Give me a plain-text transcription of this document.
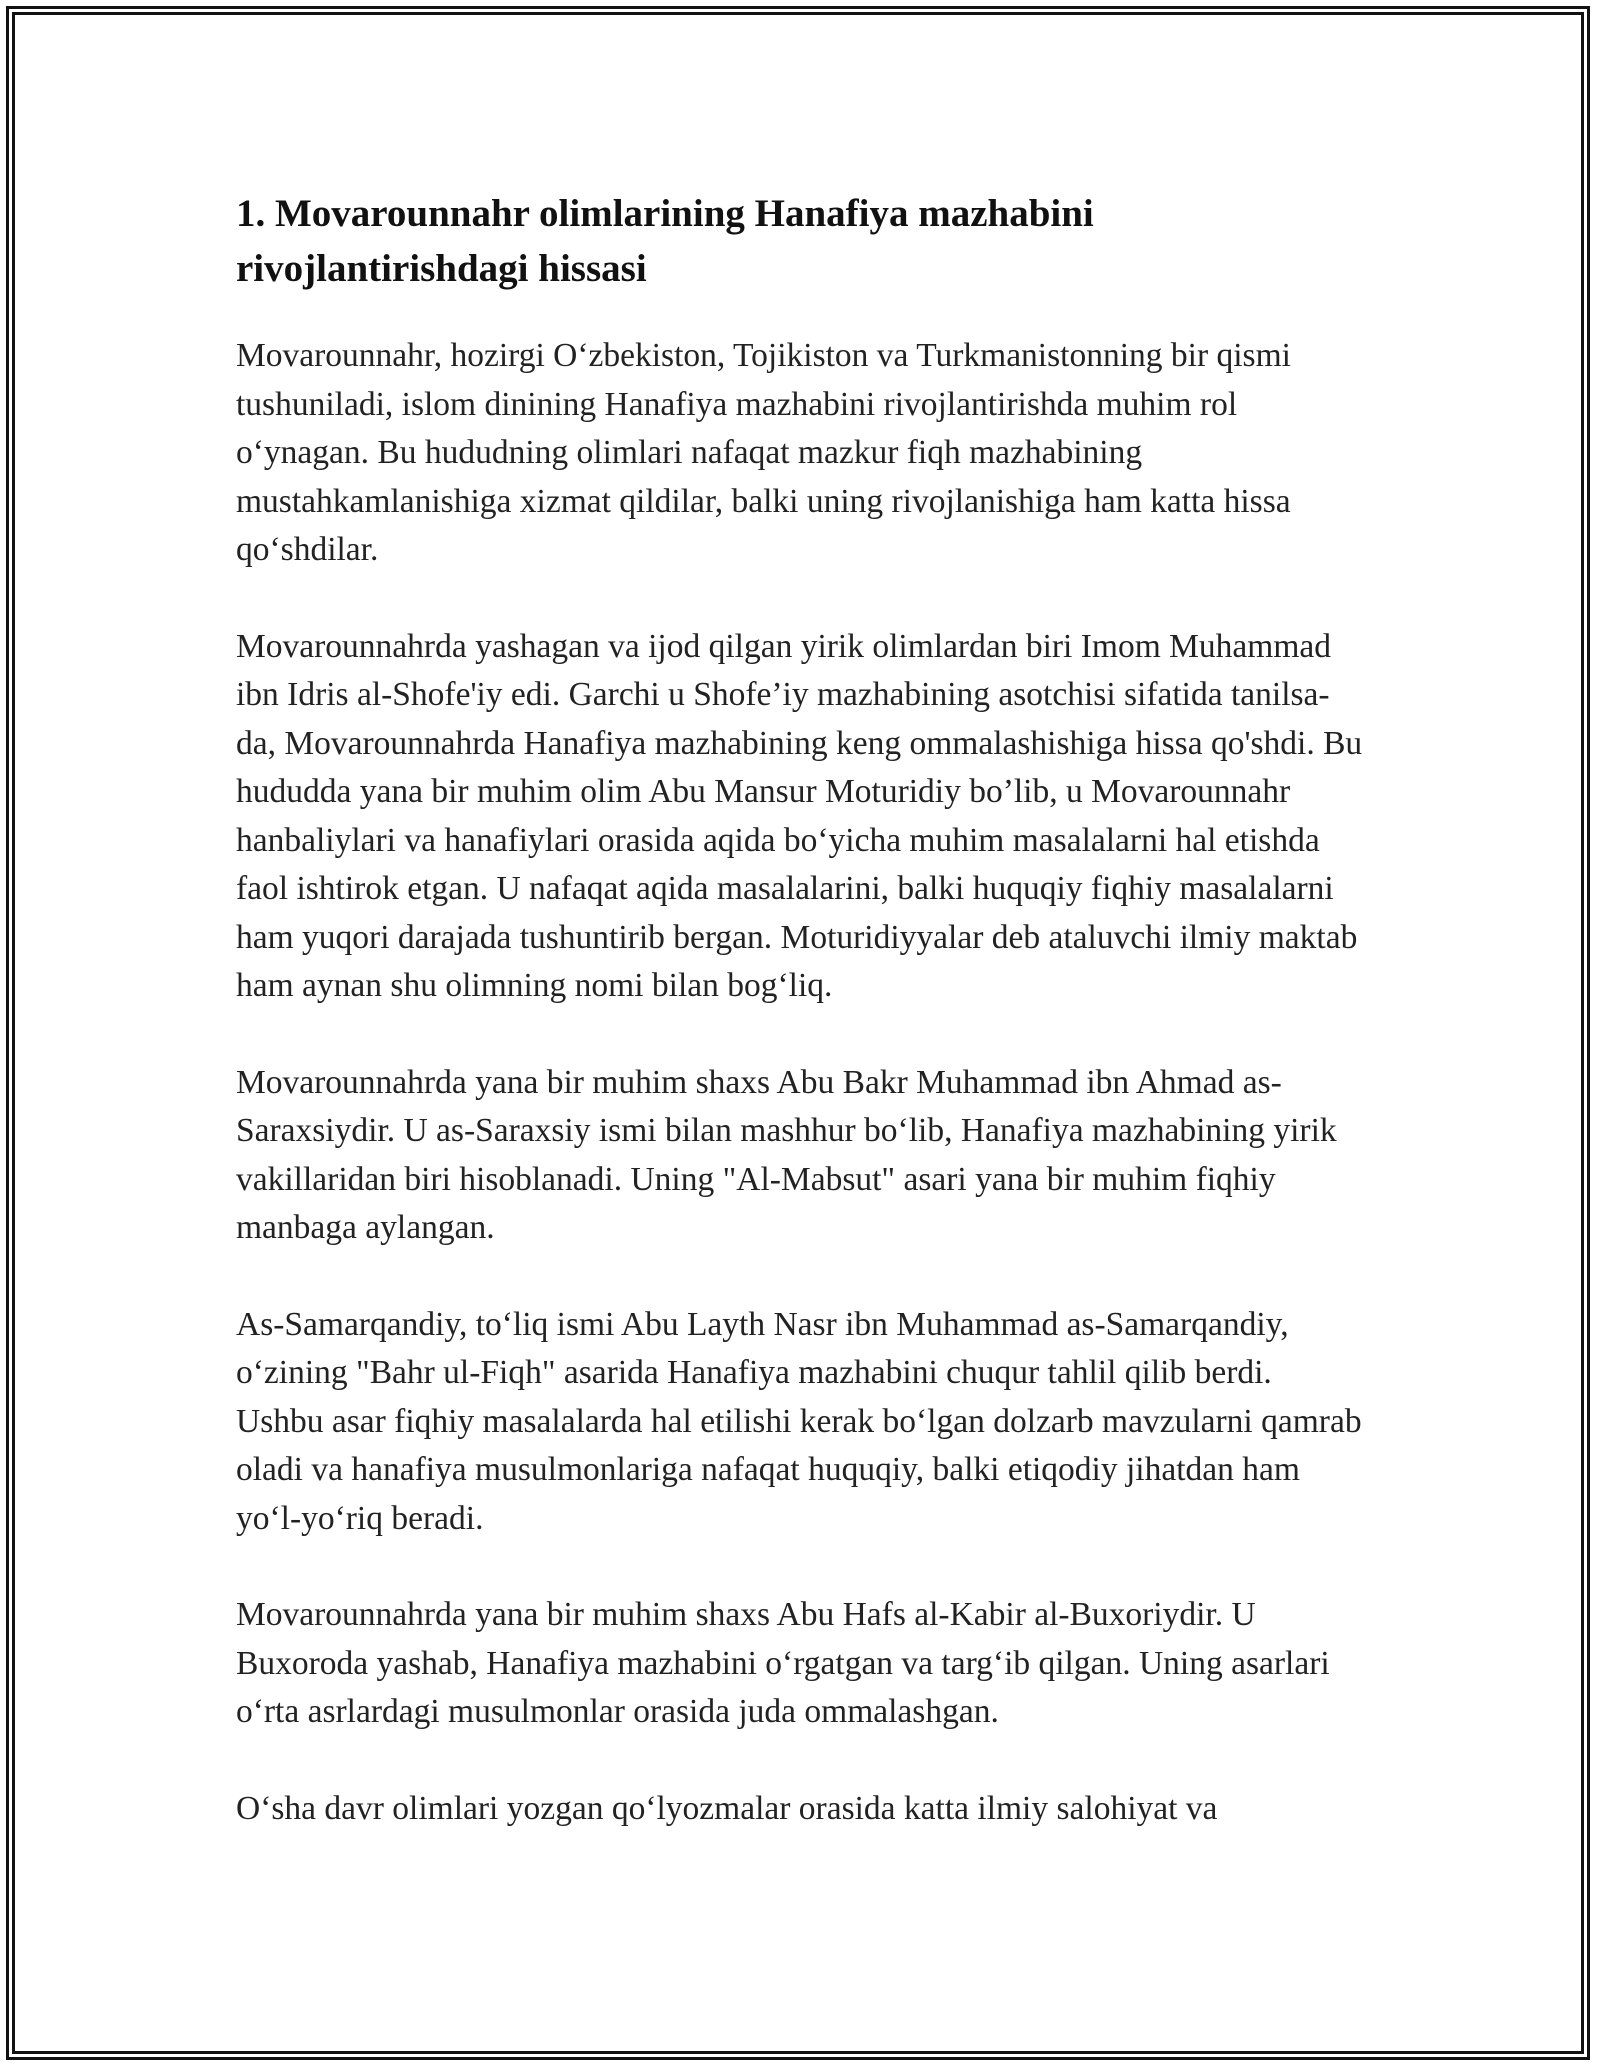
1. Movarounnahr olimlarining Hanafiya mazhabini rivojlantirishdagi hissasi

Movarounnahr, hozirgi O‘zbekiston, Tojikiston va Turkmanistonning bir qismi tushuniladi, islom dinining Hanafiya mazhabini rivojlantirishda muhim rol o‘ynagan. Bu hududning olimlari nafaqat mazkur fiqh mazhabining mustahkamlanishiga xizmat qildilar, balki uning rivojlanishiga ham katta hissa qo‘shdilar.

Movarounnahrda yashagan va ijod qilgan yirik olimlardan biri Imom Muhammad ibn Idris al-Shofe'iy edi. Garchi u Shofe’iy mazhabining asotchisi sifatida tanilsa-da, Movarounnahrda Hanafiya mazhabining keng ommalashishiga hissa qo'shdi. Bu hududda yana bir muhim olim Abu Mansur Moturidiy bo’lib, u Movarounnahr hanbaliylari va hanafiylari orasida aqida bo‘yicha muhim masalalarni hal etishda faol ishtirok etgan. U nafaqat aqida masalalarini, balki huquqiy fiqhiy masalalarni ham yuqori darajada tushuntirib bergan. Moturidiyyalar deb ataluvchi ilmiy maktab ham aynan shu olimning nomi bilan bog‘liq.

Movarounnahrda yana bir muhim shaxs Abu Bakr Muhammad ibn Ahmad as-Saraxsiydir. U as-Saraxsiy ismi bilan mashhur bo‘lib, Hanafiya mazhabining yirik vakillaridan biri hisoblanadi. Uning "Al-Mabsut" asari yana bir muhim fiqhiy manbaga aylangan.

As-Samarqandiy, to‘liq ismi Abu Layth Nasr ibn Muhammad as-Samarqandiy, o‘zining "Bahr ul-Fiqh" asarida Hanafiya mazhabini chuqur tahlil qilib berdi. Ushbu asar fiqhiy masalalarda hal etilishi kerak bo‘lgan dolzarb mavzularni qamrab oladi va hanafiya musulmonlariga nafaqat huquqiy, balki etiqodiy jihatdan ham yo‘l-yo‘riq beradi.

Movarounnahrda yana bir muhim shaxs Abu Hafs al-Kabir al-Buxoriydir. U Buxoroda yashab, Hanafiya mazhabini o‘rgatgan va targ‘ib qilgan. Uning asarlari o‘rta asrlardagi musulmonlar orasida juda ommalashgan.

O‘sha davr olimlari yozgan qo‘lyozmalar orasida katta ilmiy salohiyat va
